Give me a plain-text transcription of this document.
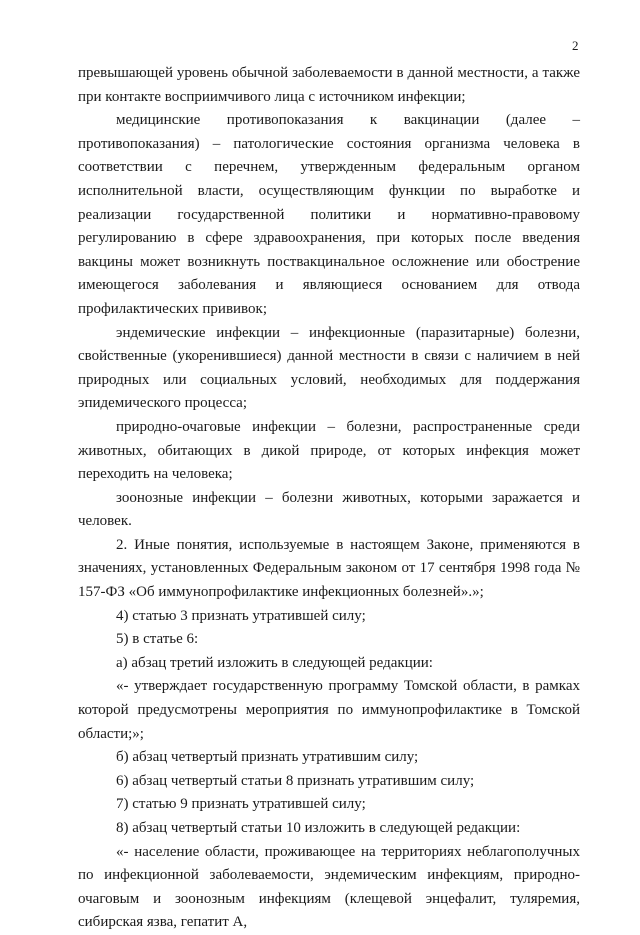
2

превышающей уровень обычной заболеваемости в данной местности, а также при контакте восприимчивого лица с источником инфекции;

медицинские противопоказания к вакцинации (далее – противопоказания) – патологические состояния организма человека в соответствии с перечнем, утвержденным федеральным органом исполнительной власти, осуществляющим функции по выработке и реализации государственной политики и нормативно-правовому регулированию в сфере здравоохранения, при которых после введения вакцины может возникнуть поствакцинальное осложнение или обострение имеющегося заболевания и являющиеся основанием для отвода профилактических прививок;

эндемические инфекции – инфекционные (паразитарные) болезни, свойственные (укоренившиеся) данной местности в связи с наличием в ней природных или социальных условий, необходимых для поддержания эпидемического процесса;

природно-очаговые инфекции – болезни, распространенные среди животных, обитающих в дикой природе, от которых инфекция может переходить на человека;

зоонозные инфекции – болезни животных, которыми заражается и человек.

2. Иные понятия, используемые в настоящем Законе, применяются в значениях, установленных Федеральным законом от 17 сентября 1998 года № 157-ФЗ «Об иммунопрофилактике инфекционных болезней».»;

4) статью 3 признать утратившей силу;

5) в статье 6:

а) абзац третий изложить в следующей редакции:

«- утверждает государственную программу Томской области, в рамках которой предусмотрены мероприятия по иммунопрофилактике в Томской области;»;

б) абзац четвертый признать утратившим силу;

6) абзац четвертый статьи 8 признать утратившим силу;

7) статью 9 признать утратившей силу;

8) абзац четвертый статьи 10 изложить в следующей редакции:

«- население области, проживающее на территориях неблагополучных по инфекционной заболеваемости, эндемическим инфекциям, природно-очаговым и зоонозным инфекциям (клещевой энцефалит, туляремия, сибирская язва, гепатит А,
